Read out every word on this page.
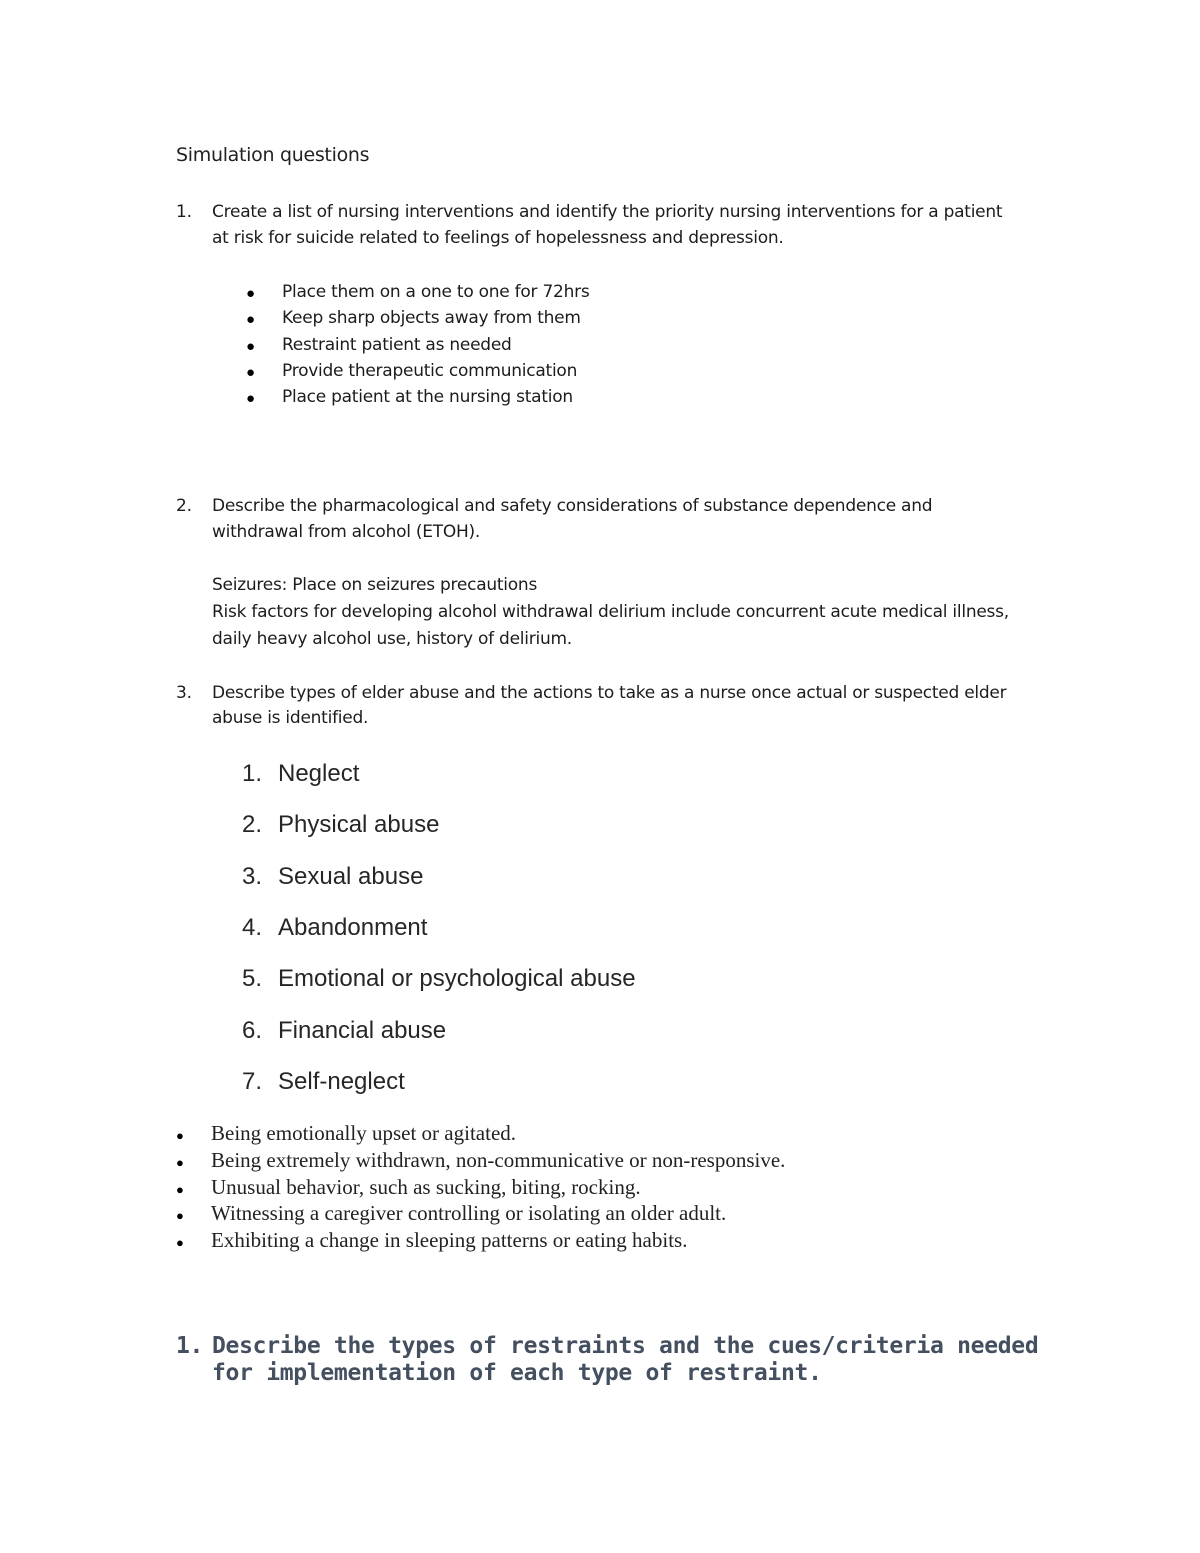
Simulation questions

1. Create a list of nursing interventions and identify the priority nursing interventions for a patient
at risk for suicide related to feelings of hopelessness and depression.
● Place them on a one to one for 72hrs
● Keep sharp objects away from them
● Restraint patient as needed
● Provide therapeutic communication
● Place patient at the nursing station
2. Describe the pharmacological and safety considerations of substance dependence and
withdrawal from alcohol (ETOH).
Seizures: Place on seizures precautions
Risk factors for developing alcohol withdrawal delirium include concurrent acute medical illness,
daily heavy alcohol use, history of delirium.
3. Describe types of elder abuse and the actions to take as a nurse once actual or suspected elder
abuse is identified.
1. Neglect
2. Physical abuse
3. Sexual abuse
4. Abandonment
5. Emotional or psychological abuse
6. Financial abuse
7. Self-neglect
● Being emotionally upset or agitated.
● Being extremely withdrawn, non-communicative or non-responsive.
● Unusual behavior, such as sucking, biting, rocking.
● Witnessing a caregiver controlling or isolating an older adult.
● Exhibiting a change in sleeping patterns or eating habits.
1. Describe the types of restraints and the cues/criteria needed
for implementation of each type of restraint.
